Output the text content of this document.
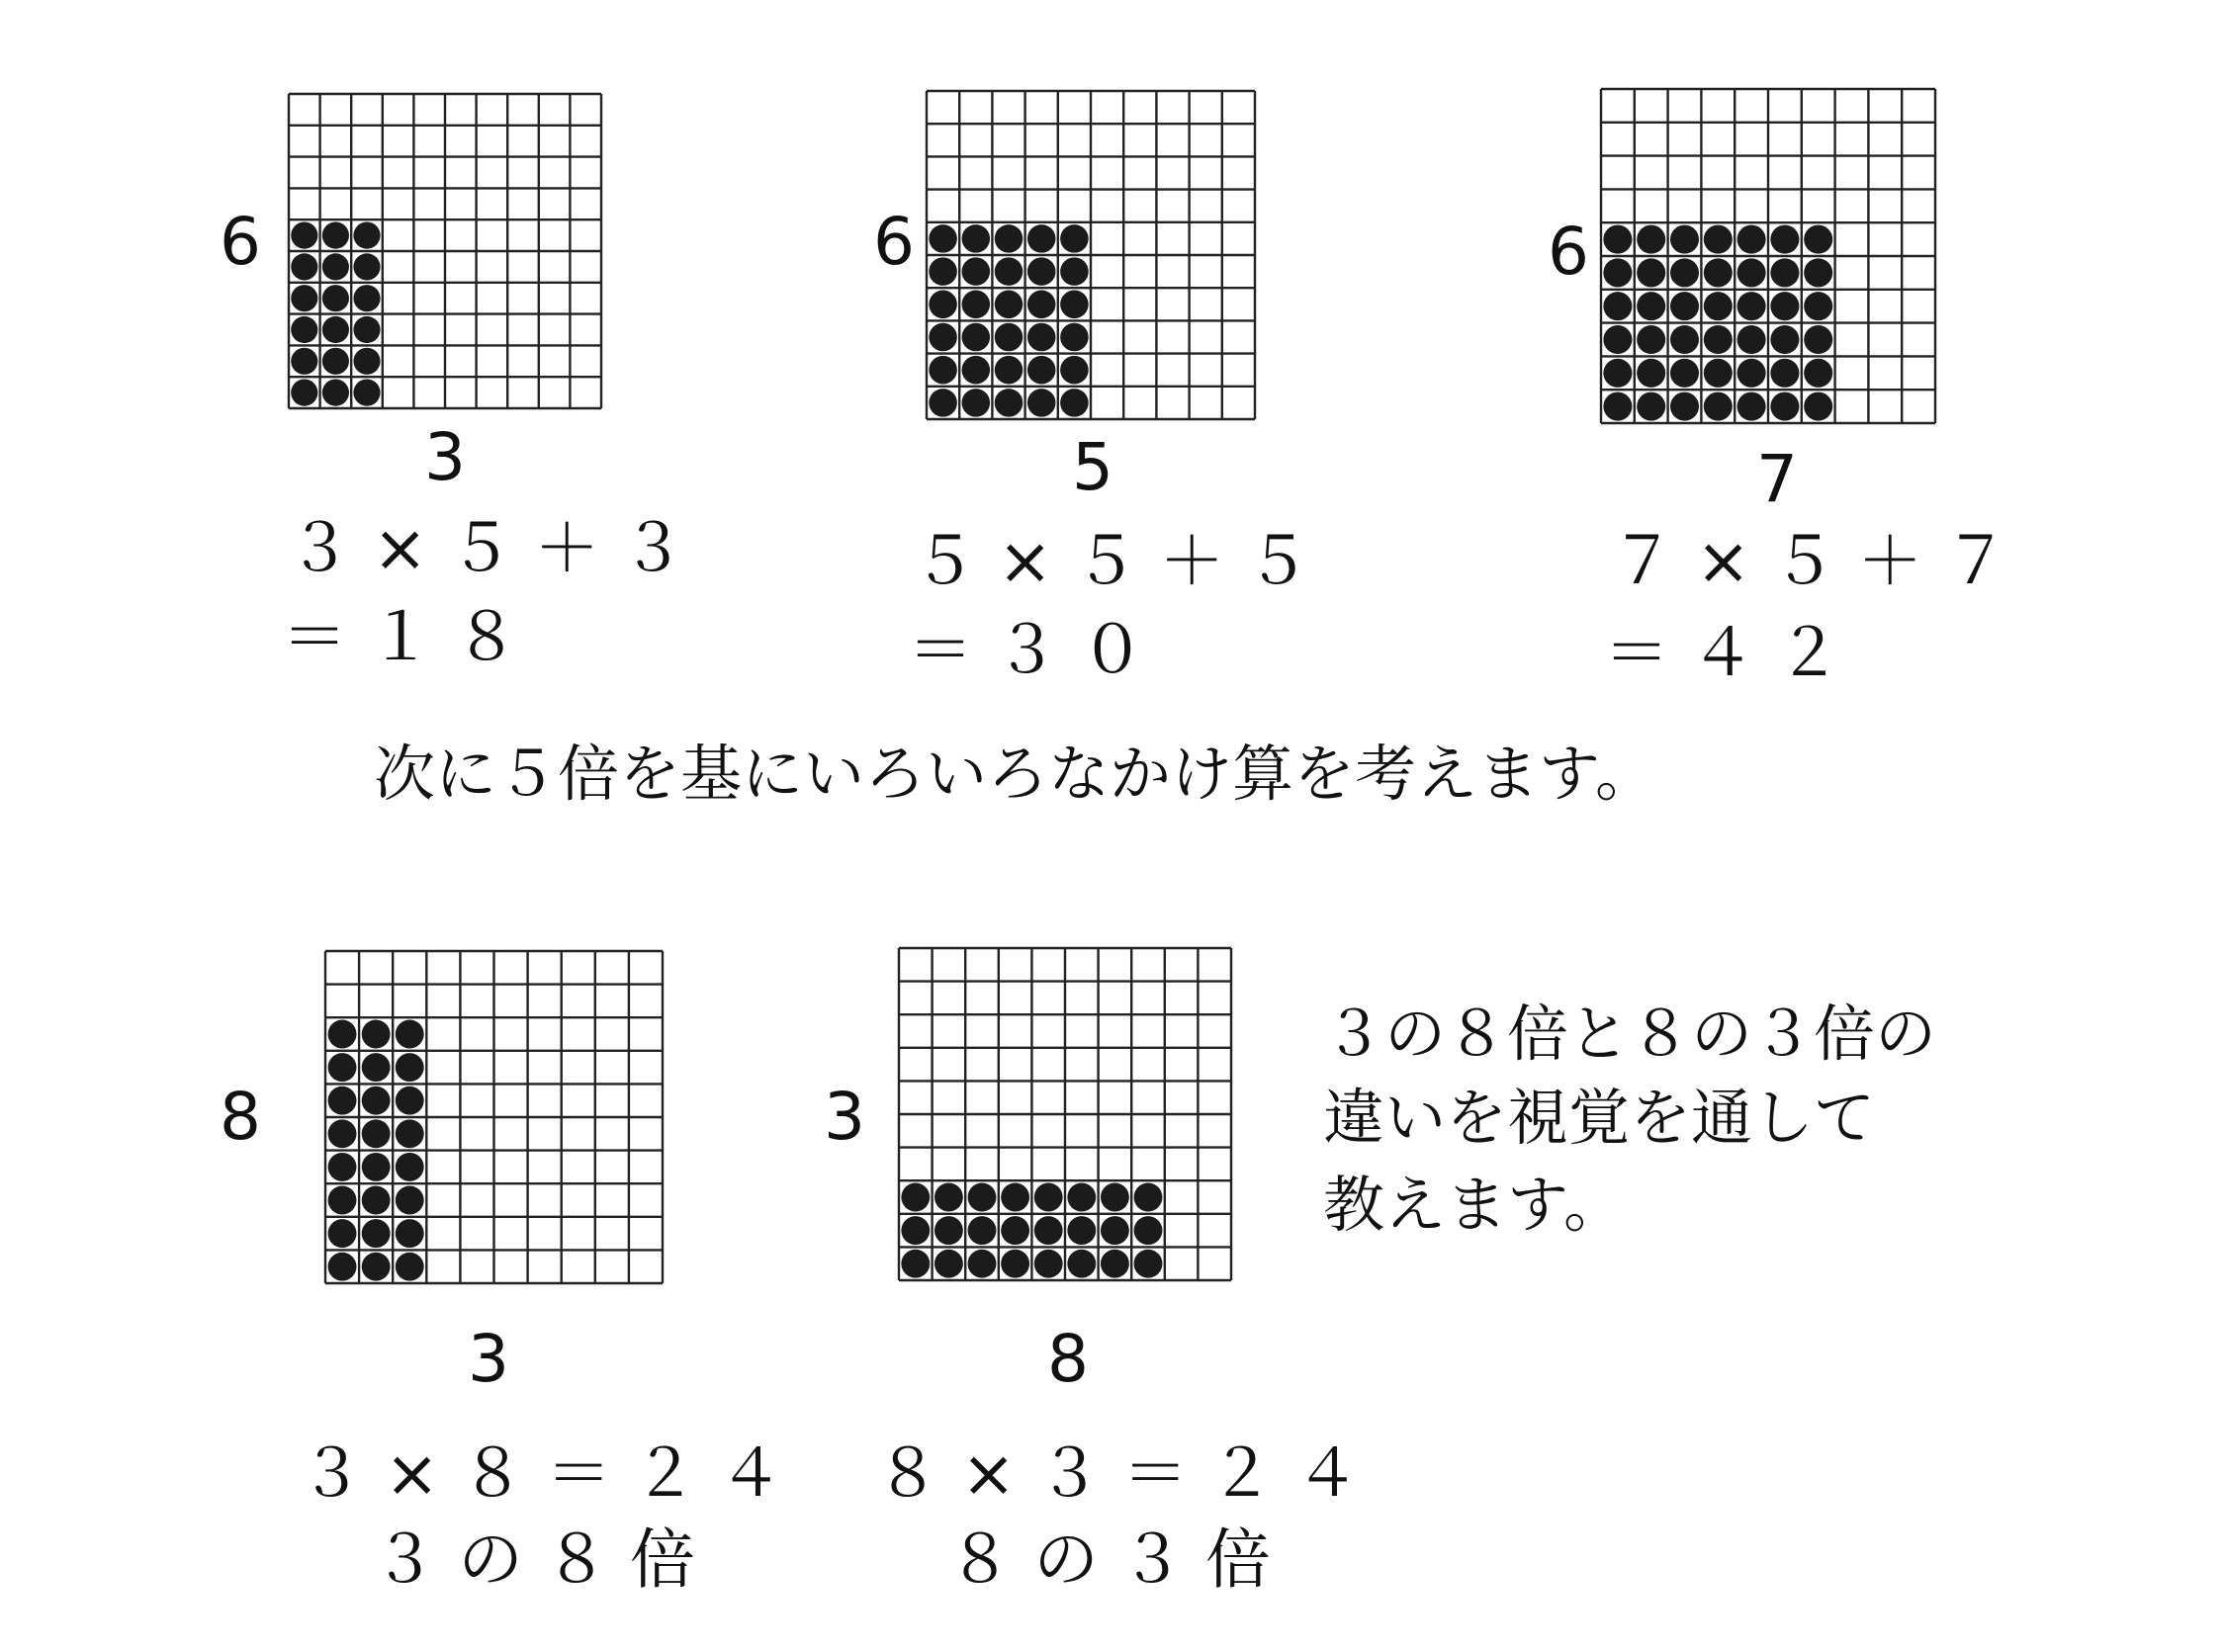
6
3
３ × ５ ＋ ３
＝ １ ８
6
5
５ × ５ ＋ ５
＝ ３ ０
6
7
７ × ５ ＋ ７
＝ ４ ２
次に５倍を基にいろいろなかけ算を考えます。
8
3
３ × ８ ＝ ２ ４
３ の ８ 倍
3
8
８ × ３ ＝ ２ ４
８ の ３ 倍
３の８倍と８の３倍の
違いを視覚を通して
教えます。
